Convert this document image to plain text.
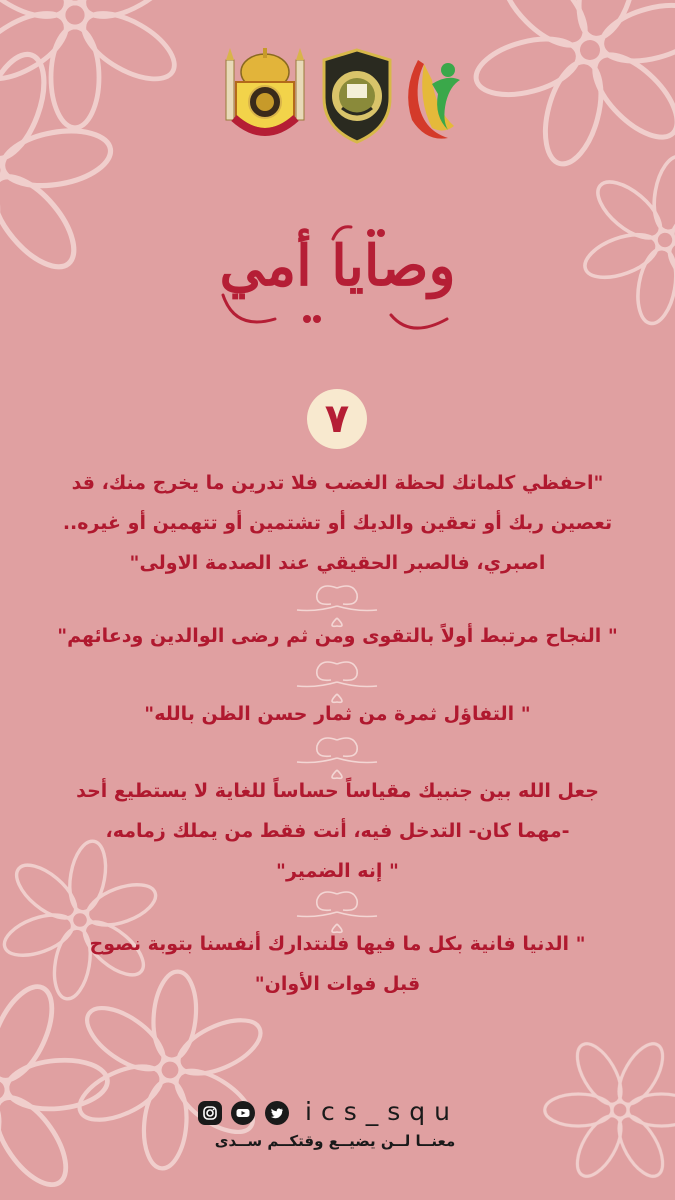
وصايا أمي
٧

"احفظي كلماتك لحظة الغضب فلا تدرين ما يخرج منك، قد

تعصين ربك أو تعقين والديك أو تشتمين أو تتهمين أو غيره..

اصبري، فالصبر الحقيقي عند الصدمة الاولى"

" النجاح مرتبط أولاً بالتقوى ومن ثم رضى الوالدين ودعائهم"

" التفاؤل ثمرة من ثمار حسن الظن بالله"

جعل الله بين جنبيك مقياساً حساساً للغاية لا يستطيع أحد

-مهما كان- التدخل فيه، أنت فقط من يملك زمامه،

" إنه الضمير"

" الدنيا فانية بكل ما فيها فلنتدارك أنفسنا بتوبة نصوح

قبل فوات الأوان"

ics_squ
معنــا لــن يضيــع وقتكــم ســدى
